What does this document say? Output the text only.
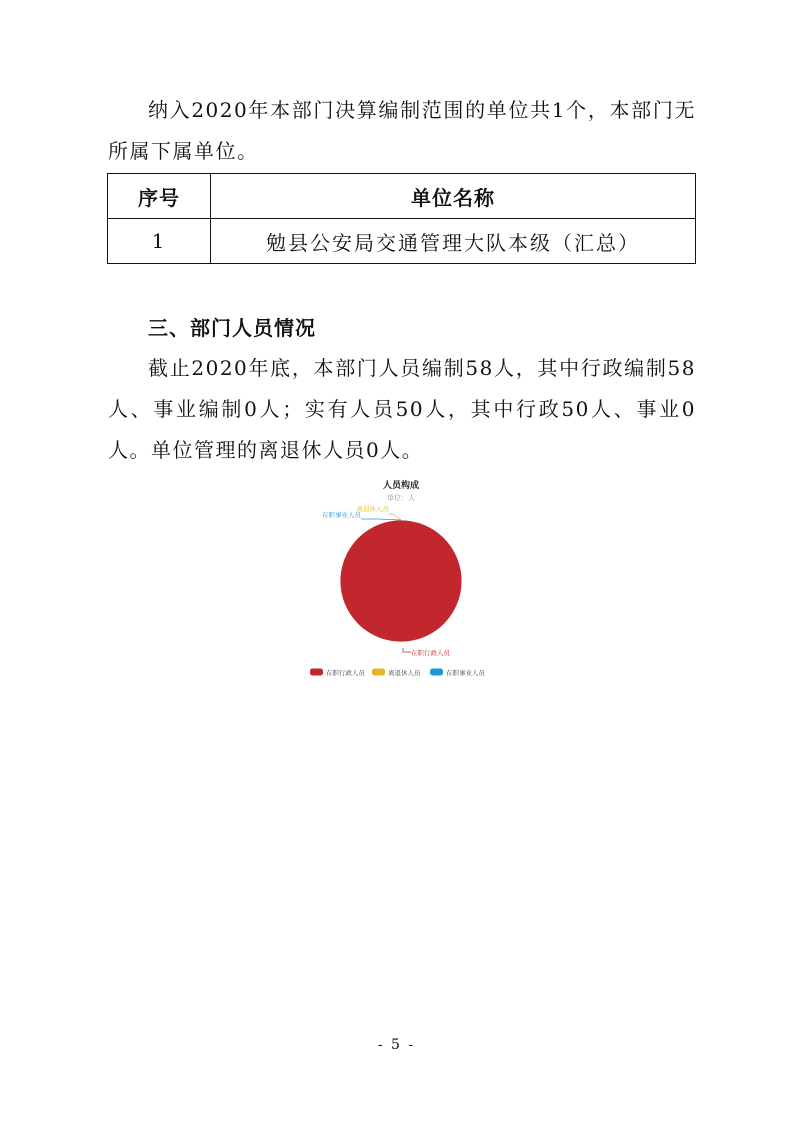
纳入2020年本部门决算编制范围的单位共1个，本部门无所属下属单位。

序号	单位名称
1	勉县公安局交通管理大队本级（汇总）
三、部门人员情况

截止2020年底，本部门人员编制58人，其中行政编制58人、事业编制0人；实有人员50人，其中行政50人、事业0人。单位管理的离退休人员0人。

人员构成
单位：人
在职行政人员
离退休人员
在职事业人员
在职行政人员	离退休人员	在职事业人员
- 5 -
